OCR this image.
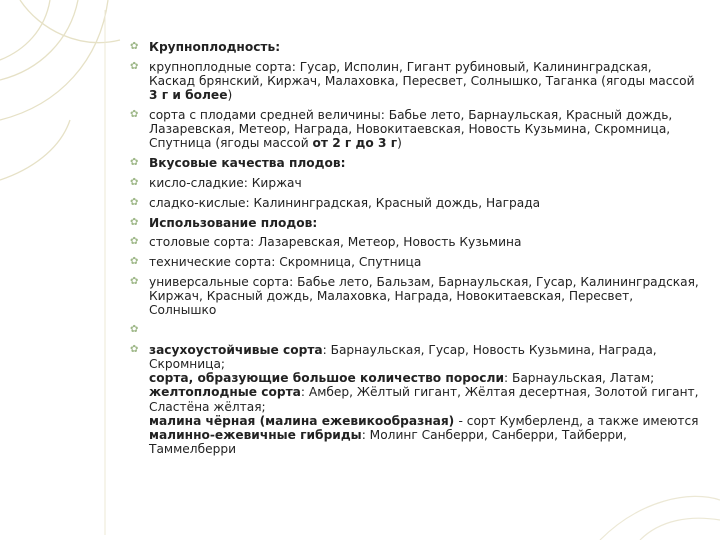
✿ Крупноплодность:
✿ крупноплодные сорта: Гусар, Исполин, Гигант рубиновый, Калининградская, Каскад брянский, Киржач, Малаховка, Пересвет, Солнышко, Таганка (ягоды массой 3 г и более)
✿ сорта с плодами средней величины: Бабье лето, Барнаульская, Красный дождь, Лазаревская, Метеор, Награда, Новокитаевская, Новость Кузьмина, Скромница, Спутница (ягоды массой от 2 г до 3 г)
✿ Вкусовые качества плодов:
✿ кисло-сладкие: Киржач
✿ сладко-кислые: Калининградская, Красный дождь, Награда
✿ Использование плодов:
✿ столовые сорта: Лазаревская, Метеор, Новость Кузьмина
✿ технические сорта: Скромница, Спутница
✿ универсальные сорта: Бабье лето, Бальзам, Барнаульская, Гусар, Калининградская, Киржач, Красный дождь, Малаховка, Награда, Новокитаевская, Пересвет, Солнышко
✿
✿ засухоустойчивые сорта: Барнаульская, Гусар, Новость Кузьмина, Награда, Скромница;
сорта, образующие большое количество поросли: Барнаульская, Латам;
желтоплодные сорта: Амбер, Жёлтый гигант, Жёлтая десертная, Золотой гигант, Сластёна жёлтая;
малина чёрная (малина ежевикообразная) - сорт Кумберленд, а также имеются
малинно-ежевичные гибриды: Молинг Санберри, Санберри, Тайберри, Таммелберри
